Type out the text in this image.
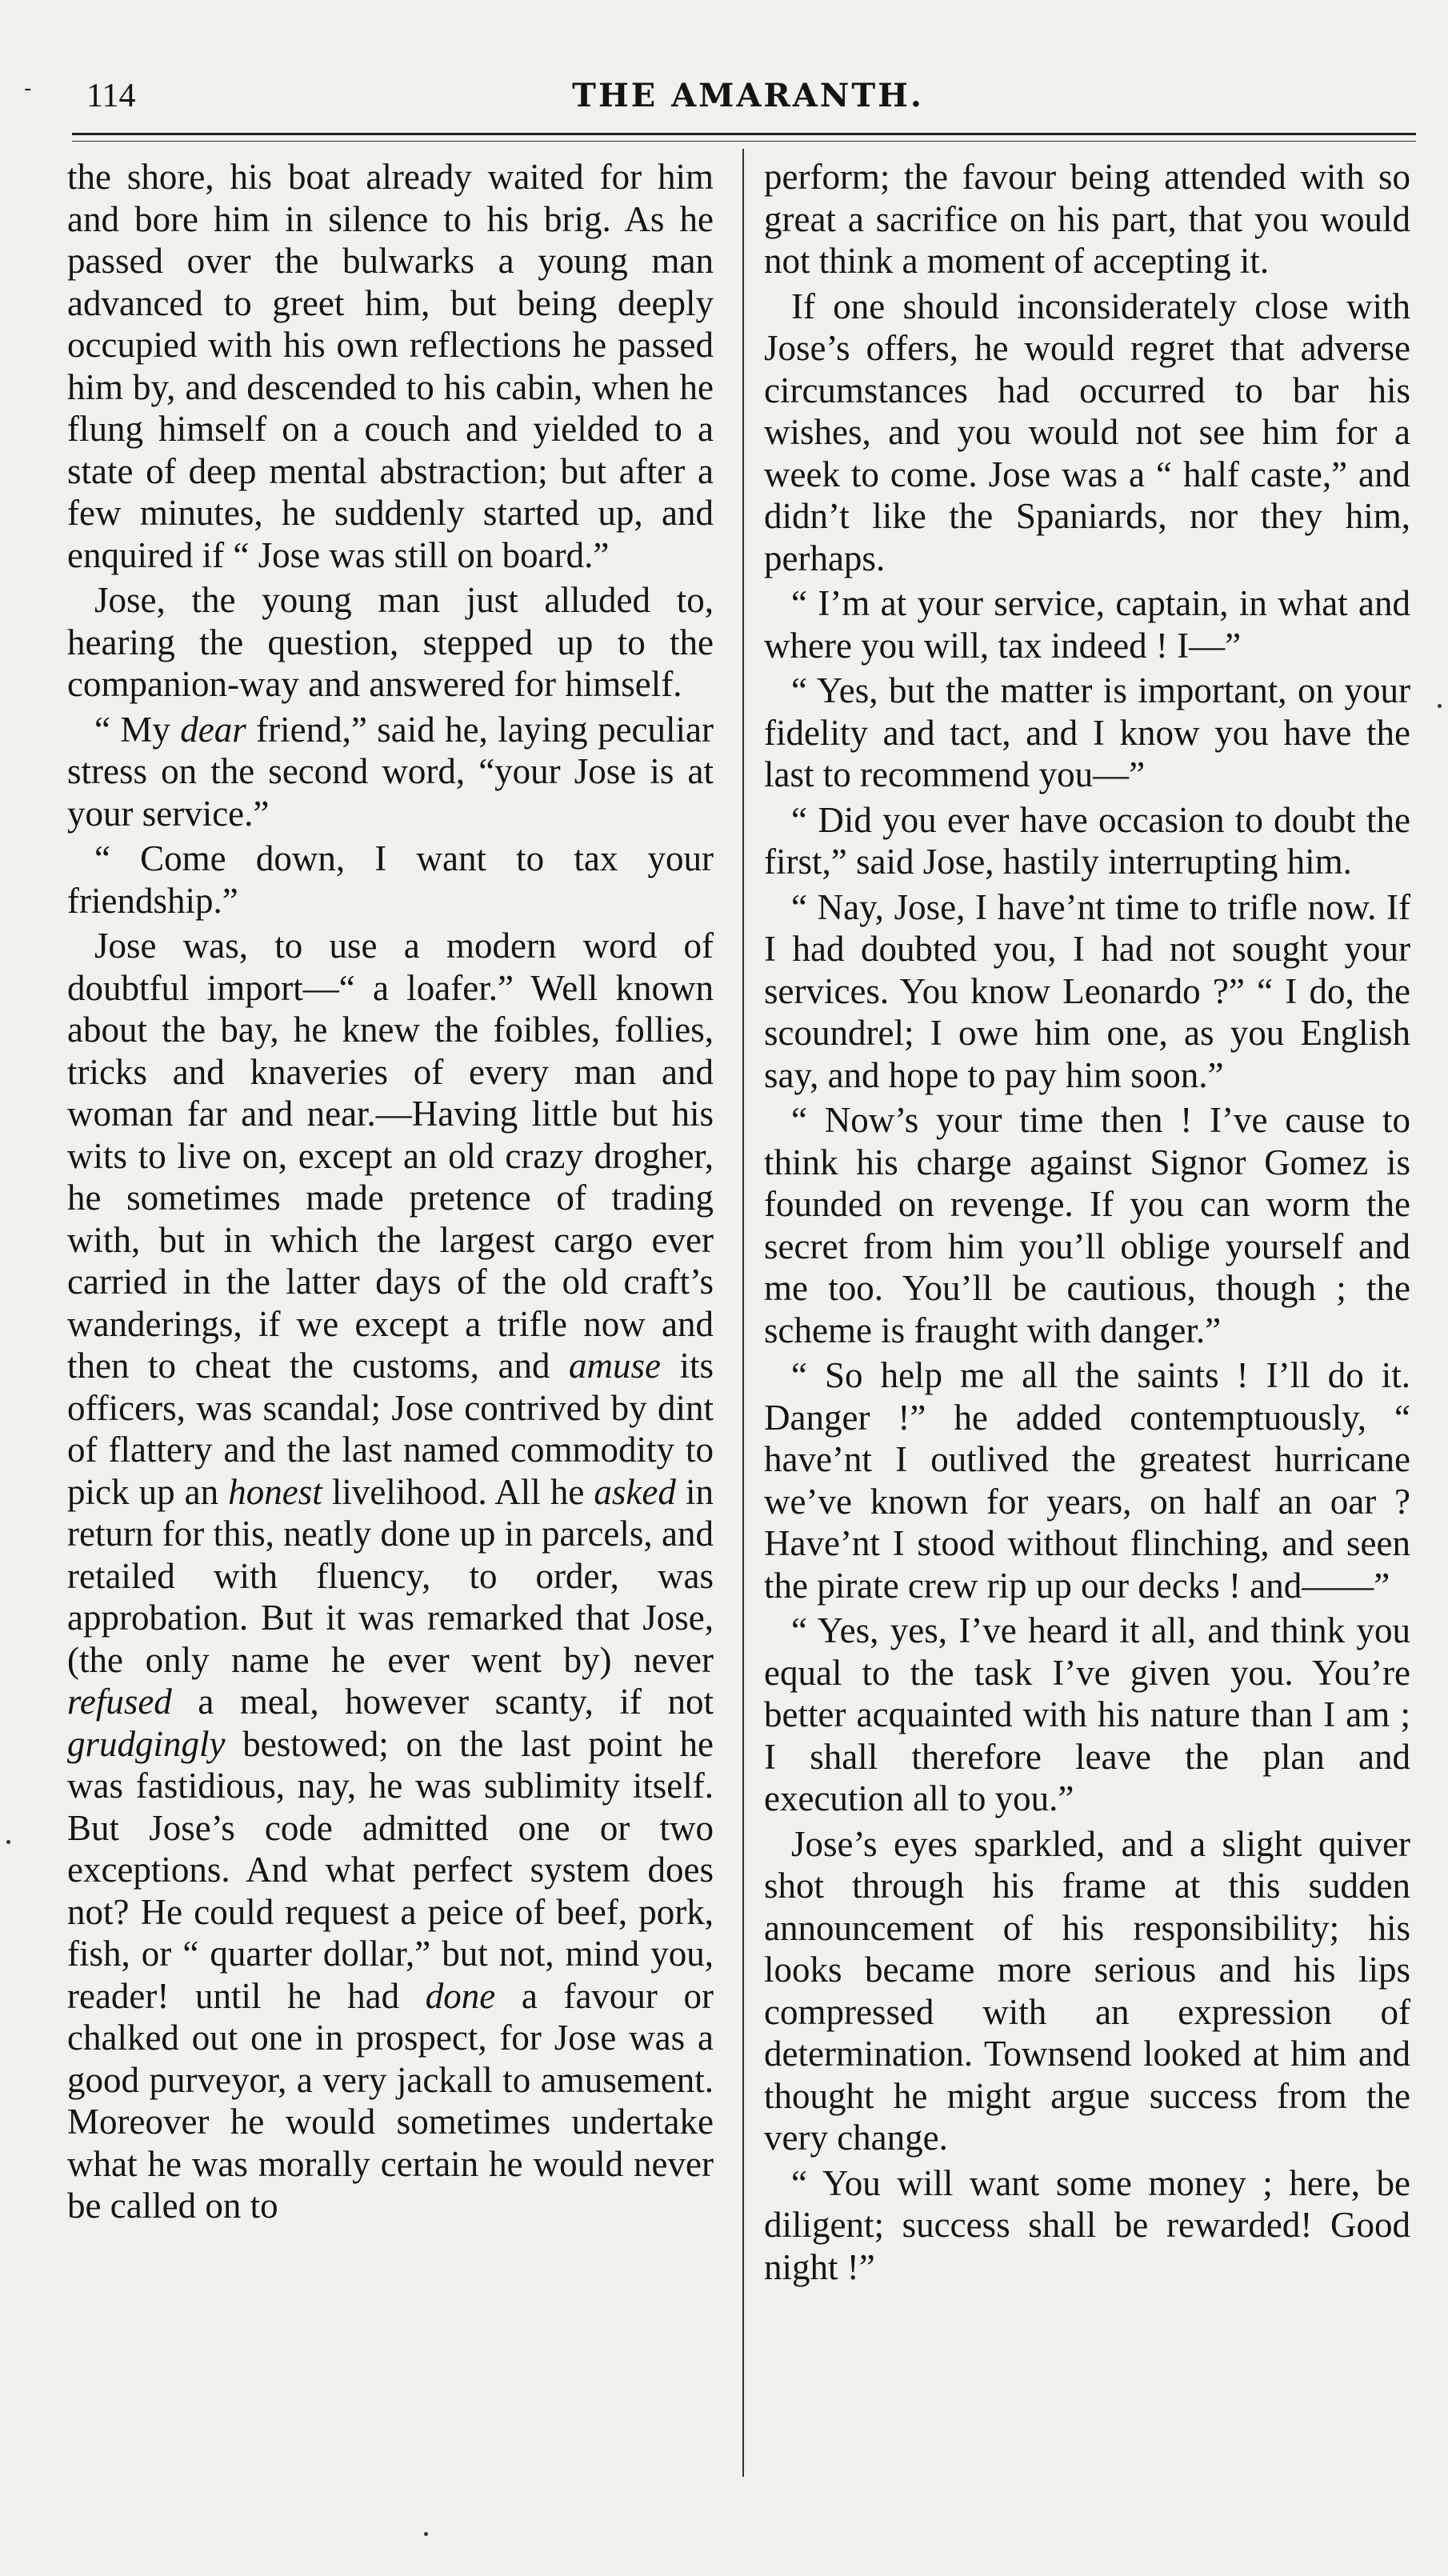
- 114	THE AMARANTH.

the shore, his boat already waited for him and bore him in silence to his brig. As he passed over the bulwarks a young man advanced to greet him, but being deeply occupied with his own reflections he passed him by, and descended to his cabin, when he flung himself on a couch and yielded to a state of deep mental abstraction; but after a few minutes, he suddenly started up, and enquired if “ Jose was still on board.”

Jose, the young man just alluded to, hearing the question, stepped up to the companion-way and answered for himself.

“ My dear friend,” said he, laying peculiar stress on the second word, “your Jose is at your service.”

“ Come down, I want to tax your friendship.”

Jose was, to use a modern word of doubtful import—“ a loafer.” Well known about the bay, he knew the foibles, follies, tricks and knaveries of every man and woman far and near.—Having little but his wits to live on, except an old crazy drogher, he sometimes made pretence of trading with, but in which the largest cargo ever carried in the latter days of the old craft’s wanderings, if we except a trifle now and then to cheat the customs, and amuse its officers, was scandal; Jose contrived by dint of flattery and the last named commodity to pick up an honest livelihood. All he asked in return for this, neatly done up in parcels, and retailed with fluency, to order, was approbation. But it was remarked that Jose, (the only name he ever went by) never refused a meal, however scanty, if not grudgingly bestowed; on the last point he was fastidious, nay, he was sublimity itself. But Jose’s code admitted one or two exceptions. And what perfect system does not? He could request a peice of beef, pork, fish, or “ quarter dollar,” but not, mind you, reader! until he had done a favour or chalked out one in prospect, for Jose was a good purveyor, a very jackall to amusement. Moreover he would sometimes undertake what he was morally certain he would never be called on to

perform; the favour being attended with so great a sacrifice on his part, that you would not think a moment of accepting it.

If one should inconsiderately close with Jose’s offers, he would regret that adverse circumstances had occurred to bar his wishes, and you would not see him for a week to come. Jose was a “ half caste,” and didn’t like the Spaniards, nor they him, perhaps.

“ I’m at your service, captain, in what and where you will, tax indeed ! I—”

“ Yes, but the matter is important, on your fidelity and tact, and I know you have the last to recommend you—”

“ Did you ever have occasion to doubt the first,” said Jose, hastily interrupting him.

“ Nay, Jose, I have’nt time to trifle now. If I had doubted you, I had not sought your services. You know Leonardo ?” “ I do, the scoundrel; I owe him one, as you English say, and hope to pay him soon.”

“ Now’s your time then ! I’ve cause to think his charge against Signor Gomez is founded on revenge. If you can worm the secret from him you’ll oblige yourself and me too. You’ll be cautious, though ; the scheme is fraught with danger.”

“ So help me all the saints ! I’ll do it. Danger !” he added contemptuously, “ have’nt I outlived the greatest hurricane we’ve known for years, on half an oar ? Have’nt I stood without flinching, and seen the pirate crew rip up our decks ! and——”

“ Yes, yes, I’ve heard it all, and think you equal to the task I’ve given you. You’re better acquainted with his nature than I am ; I shall therefore leave the plan and execution all to you.”

Jose’s eyes sparkled, and a slight quiver shot through his frame at this sudden announcement of his responsibility; his looks became more serious and his lips compressed with an expression of determination. Townsend looked at him and thought he might argue success from the very change.

“ You will want some money ; here, be diligent; success shall be rewarded! Good night !”
